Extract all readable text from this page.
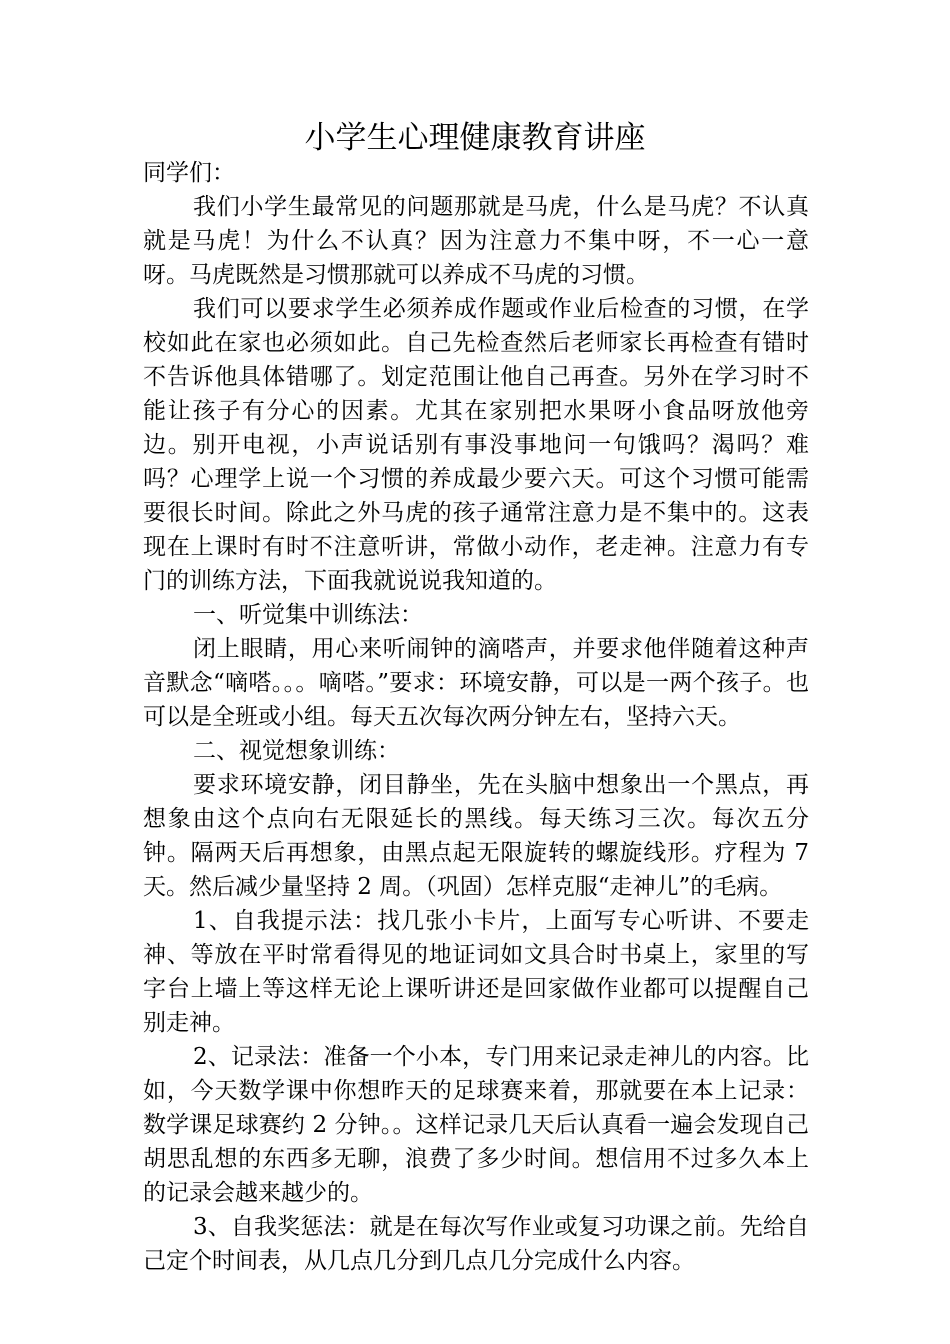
小学生心理健康教育讲座

同学们：

我们小学生最常见的问题那就是马虎，什么是马虎？不认真就是马虎！为什么不认真？因为注意力不集中呀，不一心一意呀。马虎既然是习惯那就可以养成不马虎的习惯。

我们可以要求学生必须养成作题或作业后检查的习惯，在学校如此在家也必须如此。自己先检查然后老师家长再检查有错时不告诉他具体错哪了。划定范围让他自己再查。另外在学习时不能让孩子有分心的因素。尤其在家别把水果呀小食品呀放他旁边。别开电视，小声说话别有事没事地问一句饿吗？渴吗？难吗？心理学上说一个习惯的养成最少要六天。可这个习惯可能需要很长时间。除此之外马虎的孩子通常注意力是不集中的。这表现在上课时有时不注意听讲，常做小动作，老走神。注意力有专门的训练方法，下面我就说说我知道的。

一、听觉集中训练法：

闭上眼睛，用心来听闹钟的滴嗒声，并要求他伴随着这种声音默念“嘀嗒。。。嘀嗒。”要求：环境安静，可以是一两个孩子。也可以是全班或小组。每天五次每次两分钟左右，坚持六天。

二、视觉想象训练：

要求环境安静，闭目静坐，先在头脑中想象出一个黑点，再想象由这个点向右无限延长的黑线。每天练习三次。每次五分钟。隔两天后再想象，由黑点起无限旋转的螺旋线形。疗程为 7 天。然后减少量坚持 2 周。（巩固）怎样克服“走神儿”的毛病。

1、自我提示法：找几张小卡片，上面写专心听讲、不要走神、等放在平时常看得见的地证词如文具合时书桌上，家里的写字台上墙上等这样无论上课听讲还是回家做作业都可以提醒自己别走神。

2、记录法：准备一个小本，专门用来记录走神儿的内容。比如，今天数学课中你想昨天的足球赛来着，那就要在本上记录：数学课足球赛约 2 分钟。。这样记录几天后认真看一遍会发现自己胡思乱想的东西多无聊，浪费了多少时间。想信用不过多久本上的记录会越来越少的。

3、自我奖惩法：就是在每次写作业或复习功课之前。先给自己定个时间表，从几点几分到几点几分完成什么内容。
